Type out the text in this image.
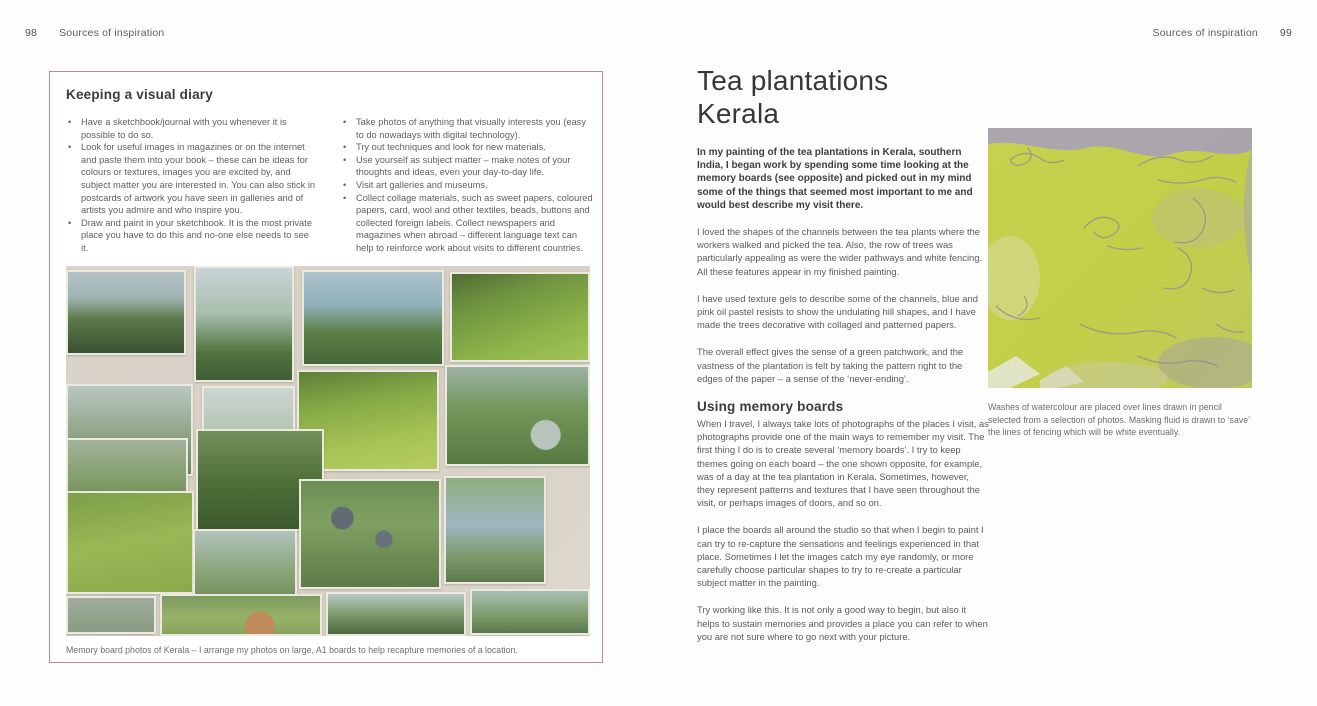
98 Sources of inspiration	Sources of inspiration 99
Keeping a visual diary
•
Have a sketchbook/journal with you whenever it is possible to do so.
•
Look for useful images in magazines or on the internet and paste them into your book – these can be ideas for colours or textures, images you are excited by, and subject matter you are interested in. You can also stick in postcards of artwork you have seen in galleries and of artists you admire and who inspire you.
•
Draw and paint in your sketchbook. It is the most private place you have to do this and no-one else needs to see it.
•
Take photos of anything that visually interests you (easy to do nowadays with digital technology).
•
Try out techniques and look for new materials.
•
Use yourself as subject matter – make notes of your thoughts and ideas, even your day-to-day life.
•
Visit art galleries and museums.
•
Collect collage materials, such as sweet papers, coloured papers, card, wool and other textiles, beads, buttons and collected foreign labels. Collect newspapers and magazines when abroad – different language text can help to reinforce work about visits to different countries.

Memory board photos of Kerala – I arrange my photos on large, A1 boards to help recapture memories of a location.

Tea plantations
Kerala

In my painting of the tea plantations in Kerala, southern India, I began work by spending some time looking at the memory boards (see opposite) and picked out in my mind some of the things that seemed most important to me and would best describe my visit there.

I loved the shapes of the channels between the tea plants where the workers walked and picked the tea. Also, the row of trees was particularly appealing as were the wider pathways and white fencing. All these features appear in my finished painting.

I have used texture gels to describe some of the channels, blue and pink oil pastel resists to show the undulating hill shapes, and I have made the trees decorative with collaged and patterned papers.

The overall effect gives the sense of a green patchwork, and the vastness of the plantation is felt by taking the pattern right to the edges of the paper – a sense of the ‘never-ending’.

Using memory boards

When I travel, I always take lots of photographs of the places I visit, as photographs provide one of the main ways to remember my visit. The first thing I do is to create several ‘memory boards’. I try to keep themes going on each board – the one shown opposite, for example, was of a day at the tea plantation in Kerala. Sometimes, however, they represent patterns and textures that I have seen throughout the visit, or perhaps images of doors, and so on.

I place the boards all around the studio so that when I begin to paint I can try to re-capture the sensations and feelings experienced in that place. Sometimes I let the images catch my eye randomly, or more carefully choose particular shapes to try to re-create a particular subject matter in the painting.

Try working like this. It is not only a good way to begin, but also it helps to sustain memories and provides a place you can refer to when you are not sure where to go next with your picture.

Washes of watercolour are placed over lines drawn in pencil selected from a selection of photos. Masking fluid is drawn to ‘save’ the lines of fencing which will be white eventually.
